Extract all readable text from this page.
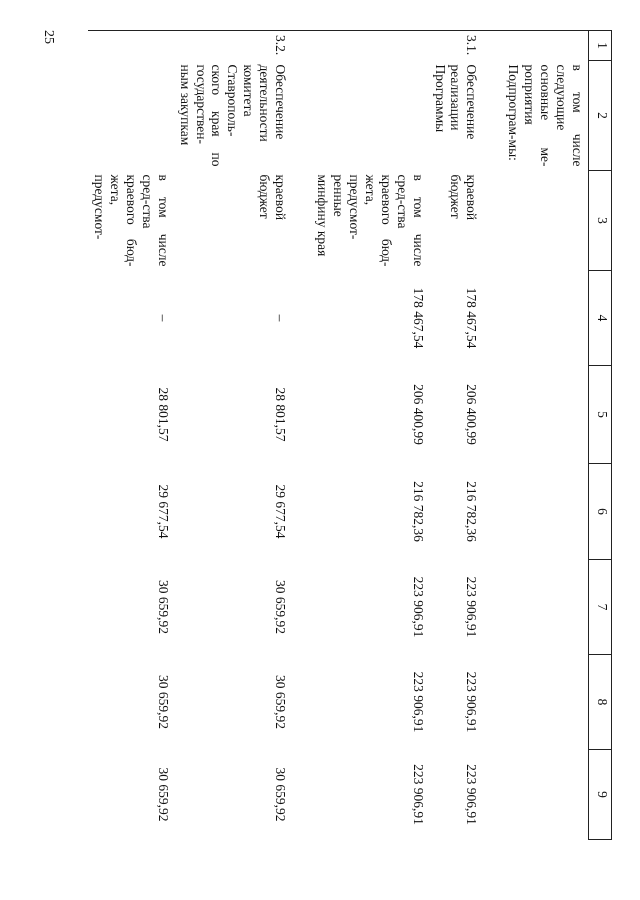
25
1	2	3	4	5	6	7	8	9
	в том числе следующие основные ме-роприятия Подпрограм-мы:							

3.1.	Обеспечение реализации Программы	краевой бюджет	178 467,54	206 400,99	216 782,36	223 906,91	223 906,91	223 906,91
		в том числе сред-ства краевого бюд-жета, предусмот-ренные минфину края	178 467,54	206 400,99	216 782,36	223 906,91	223 906,91	223 906,91

3.2.	Обеспечение деятельности комитета Ставрополь-ского края по государствен-ным закупкам	краевой бюджет	–	28 801,57	29 677,54	30 659,92	30 659,92	30 659,92
		в том числе сред-ства краевого бюд-жета, предусмот-	–	28 801,57	29 677,54	30 659,92	30 659,92	30 659,92
